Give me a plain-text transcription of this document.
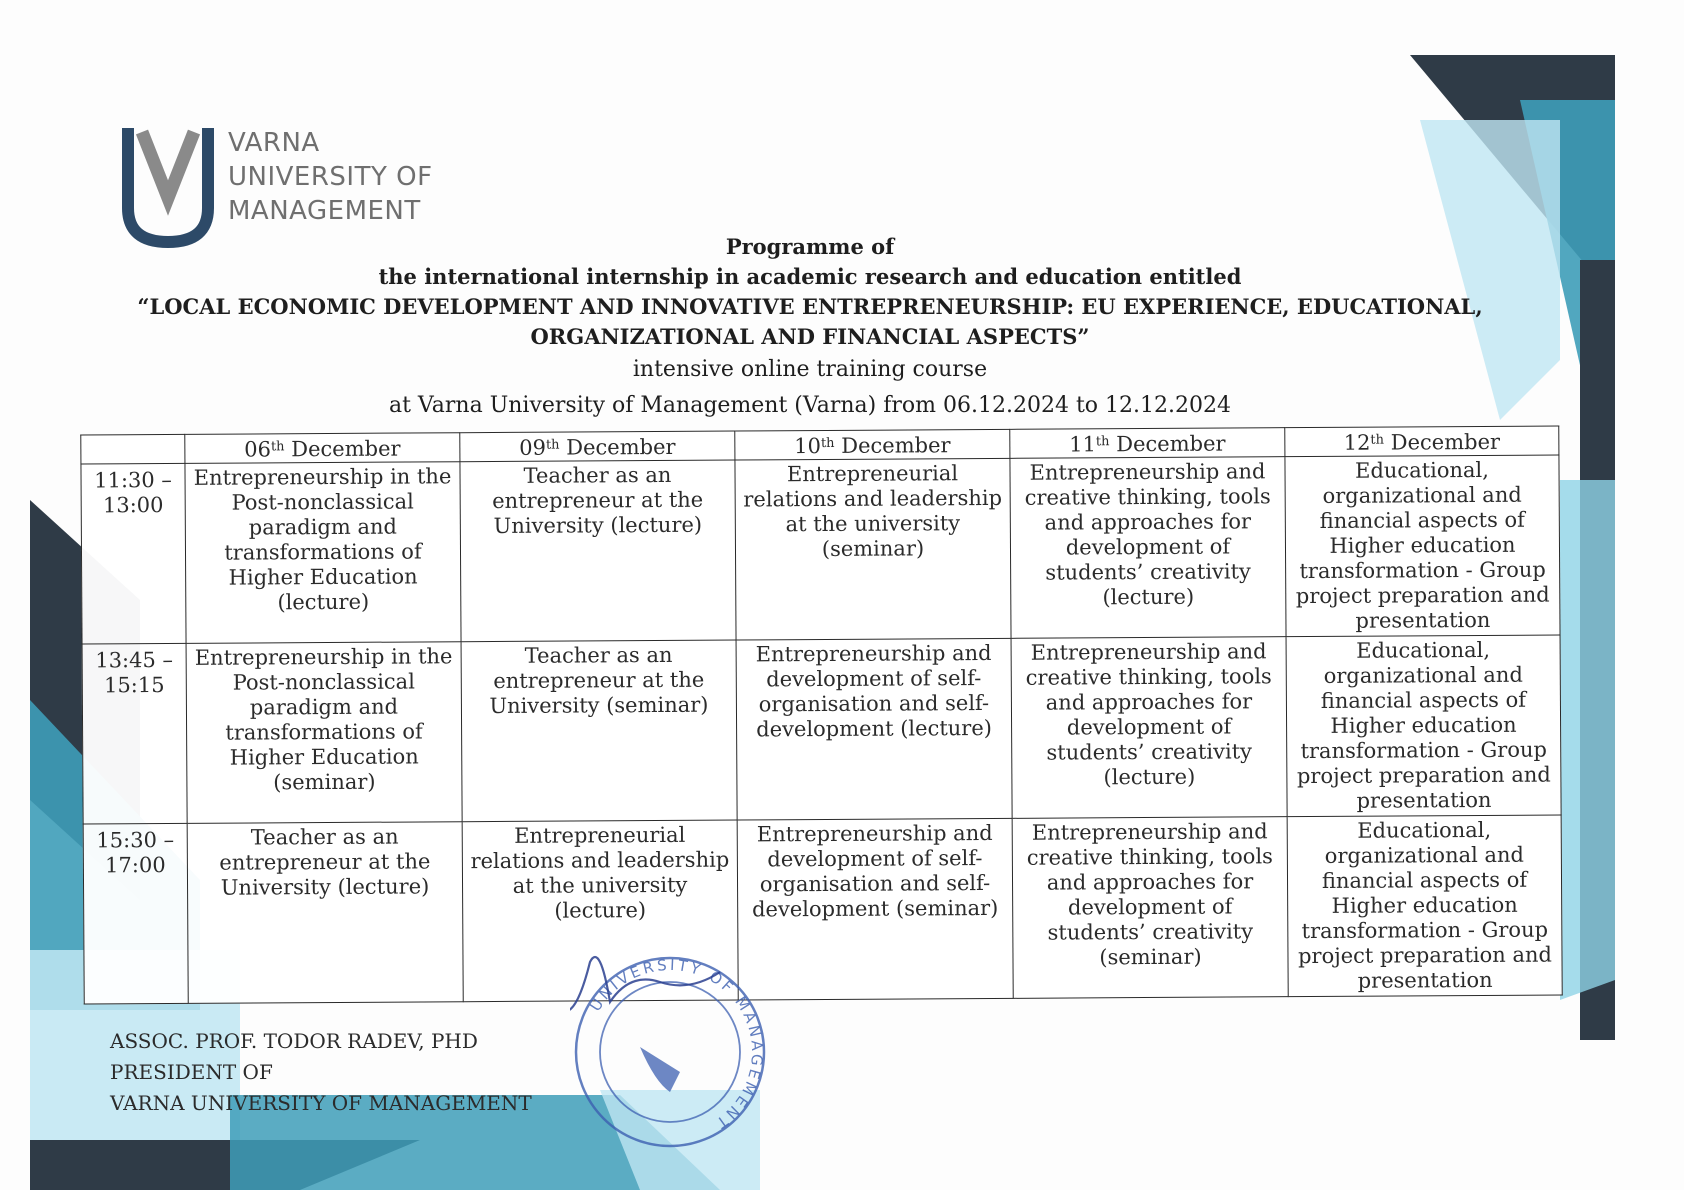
VARNA
UNIVERSITY OF
MANAGEMENT
Programme of
the international internship in academic research and education entitled
“LOCAL ECONOMIC DEVELOPMENT AND INNOVATIVE ENTREPRENEURSHIP: EU EXPERIENCE, EDUCATIONAL,
ORGANIZATIONAL AND FINANCIAL ASPECTS”
intensive online training course
at Varna University of Management (Varna) from 06.12.2024 to 12.12.2024
	06th December	09th December	10th December	11th December	12th December
11:30 – 13:00	Entrepreneurship in the Post-nonclassical paradigm and transformations of Higher Education (lecture)	Teacher as an entrepreneur at the University (lecture)	Entrepreneurial relations and leadership at the university (seminar)	Entrepreneurship and creative thinking, tools and approaches for development of students’ creativity (lecture)	Educational, organizational and financial aspects of Higher education transformation - Group project preparation and presentation
13:45 – 15:15	Entrepreneurship in the Post-nonclassical paradigm and transformations of Higher Education (seminar)	Teacher as an entrepreneur at the University (seminar)	Entrepreneurship and development of self-organisation and self-development (lecture)	Entrepreneurship and creative thinking, tools and approaches for development of students’ creativity (lecture)	Educational, organizational and financial aspects of Higher education transformation - Group project preparation and presentation
15:30 – 17:00	Teacher as an entrepreneur at the University (lecture)	Entrepreneurial relations and leadership at the university (lecture)	Entrepreneurship and development of self-organisation and self-development (seminar)	Entrepreneurship and creative thinking, tools and approaches for development of students’ creativity (seminar)	Educational, organizational and financial aspects of Higher education transformation - Group project preparation and presentation
ASSOC. PROF. TODOR RADEV, PHD
PRESIDENT OF
VARNA UNIVERSITY OF MANAGEMENT
UNIVERSITY OF MANAGEMENT
